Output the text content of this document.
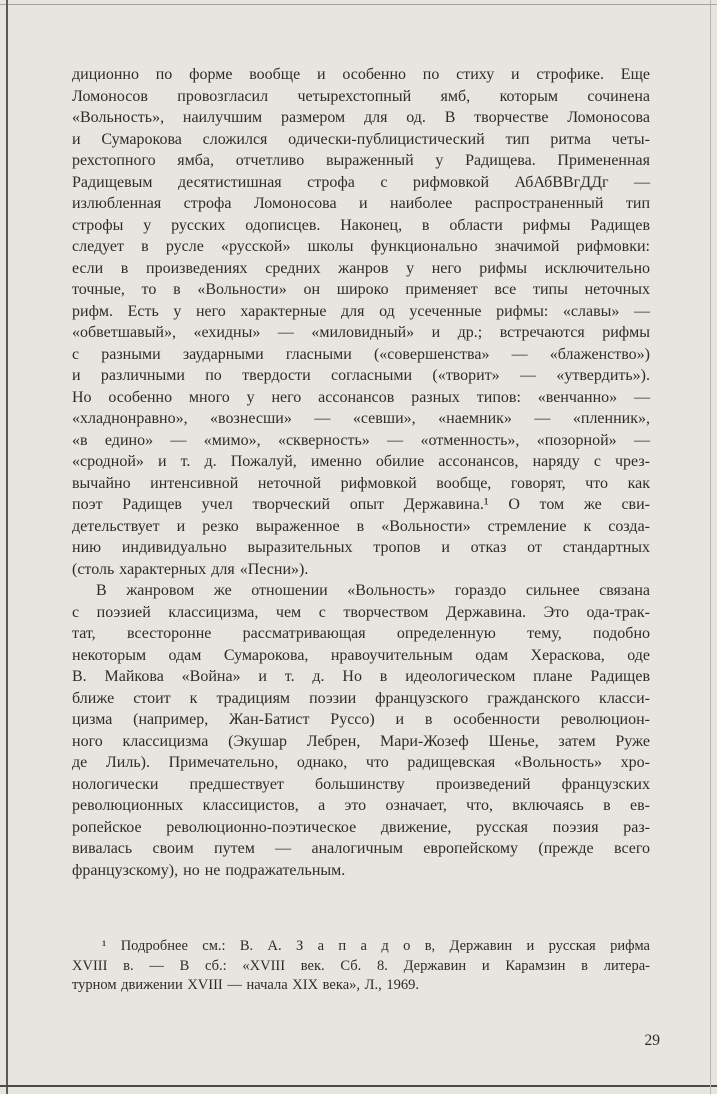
диционно по форме вообще и особенно по стиху и строфике. Еще
Ломоносов провозгласил четырехстопный ямб, которым сочинена
«Вольность», наилучшим размером для од. В творчестве Ломоносова
и Сумарокова сложился одически-публицистический тип ритма четы-
рехстопного ямба, отчетливо выраженный у Радищева. Примененная
Радищевым десятистишная строфа с рифмовкой АбАбВВгДДг —
излюбленная строфа Ломоносова и наиболее распространенный тип
строфы у русских одописцев. Наконец, в области рифмы Радищев
следует в русле «русской» школы функционально значимой рифмовки:
если в произведениях средних жанров у него рифмы исключительно
точные, то в «Вольности» он широко применяет все типы неточных
рифм. Есть у него характерные для од усеченные рифмы: «славы» —
«обветшавый», «ехидны» — «миловидный» и др.; встречаются рифмы
с разными заударными гласными («совершенства» — «блаженство»)
и различными по твердости согласными («творит» — «утвердить»).
Но особенно много у него ассонансов разных типов: «венчанно» —
«хладнонравно», «вознесши» — «севши», «наемник» — «пленник»,
«в едино» — «мимо», «скверность» — «отменность», «позорной» —
«сродной» и т. д. Пожалуй, именно обилие ассонансов, наряду с чрез-
вычайно интенсивной неточной рифмовкой вообще, говорят, что как
поэт Радищев учел творческий опыт Державина.¹ О том же сви-
детельствует и резко выраженное в «Вольности» стремление к созда-
нию индивидуально выразительных тропов и отказ от стандартных
(столь характерных для «Песни»).
В жанровом же отношении «Вольность» гораздо сильнее связана
с поэзией классицизма, чем с творчеством Державина. Это ода-трак-
тат, всесторонне рассматривающая определенную тему, подобно
некоторым одам Сумарокова, нравоучительным одам Хераскова, оде
В. Майкова «Война» и т. д. Но в идеологическом плане Радищев
ближе стоит к традициям поэзии французского гражданского класси-
цизма (например, Жан-Батист Руссо) и в особенности революцион-
ного классицизма (Экушар Лебрен, Мари-Жозеф Шенье, затем Руже
де Лиль). Примечательно, однако, что радищевская «Вольность» хро-
нологически предшествует большинству произведений французских
революционных классицистов, а это означает, что, включаясь в ев-
ропейское революционно-поэтическое движение, русская поэзия раз-
вивалась своим путем — аналогичным европейскому (прежде всего
французскому), но не подражательным.
¹ Подробнее см.: В. А. З а п а д о в, Державин и русская рифма
XVIII в. — В сб.: «XVIII век. Сб. 8. Державин и Карамзин в литера-
турном движении XVIII — начала XIX века», Л., 1969.
29
